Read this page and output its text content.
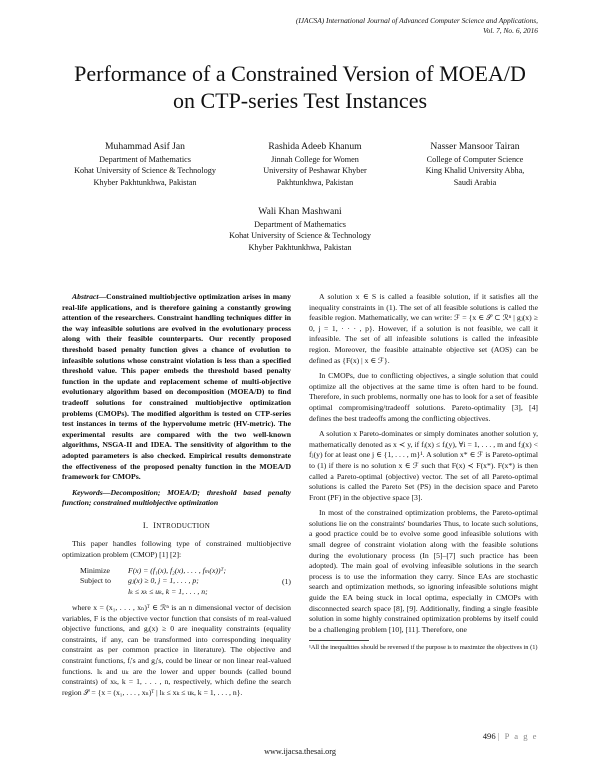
(IJACSA) International Journal of Advanced Computer Science and Applications,
Vol. 7, No. 6, 2016
Performance of a Constrained Version of MOEA/D
on CTP-series Test Instances
Muhammad Asif Jan
Department of Mathematics
Kohat University of Science & Technology
Khyber Pakhtunkhwa, Pakistan
Rashida Adeeb Khanum
Jinnah College for Women
University of Peshawar Khyber
Pakhtunkhwa, Pakistan
Nasser Mansoor Tairan
College of Computer Science
King Khalid University Abha,
Saudi Arabia
Wali Khan Mashwani
Department of Mathematics
Kohat University of Science & Technology
Khyber Pakhtunkhwa, Pakistan

Abstract—Constrained multiobjective optimization arises in many real-life applications, and is therefore gaining a constantly growing attention of the researchers. Constraint handling techniques differ in the way infeasible solutions are evolved in the evolutionary process along with their feasible counterparts. Our recently proposed threshold based penalty function gives a chance of evolution to infeasible solutions whose constraint violation is less than a specified threshold value. This paper embeds the threshold based penalty function in the update and replacement scheme of multi-objective evolutionary algorithm based on decomposition (MOEA/D) to find tradeoff solutions for constrained multiobjective optimization problems (CMOPs). The modified algorithm is tested on CTP-series test instances in terms of the hypervolume metric (HV-metric). The experimental results are compared with the two well-known algorithms, NSGA-II and IDEA. The sensitivity of algorithm to the adopted parameters is also checked. Empirical results demonstrate the effectiveness of the proposed penalty function in the MOEA/D framework for CMOPs.

Keywords—Decomposition; MOEA/D; threshold based penalty function; constrained multiobjective optimization

I. INTRODUCTION

This paper handles following type of constrained multiobjective optimization problem (CMOP) [1] [2]:

Minimize	F(x) = (f₁(x), f₂(x), . . . , fₘ(x))ᵀ;
Subject to	gⱼ(x) ≥ 0, j = 1, . . . , p;
lₖ ≤ xₖ ≤ uₖ, k = 1, . . . , n;
(1)

where x = (x₁, . . . , xₙ)ᵀ ∈ ℛⁿ is an n dimensional vector of decision variables, F is the objective vector function that consists of m real-valued objective functions, and gᵢ(x) ≥ 0 are inequality constraints (equality constraints, if any, can be transformed into corresponding inequality constraint as per common practice in literature). The objective and constraint functions, fᵢ's and gⱼ's, could be linear or non linear real-valued functions. lₖ and uₖ are the lower and upper bounds (called bound constraints) of xₖ, k = 1, . . . , n, respectively, which define the search region 𝒮 = {x = (x₁, . . . , xₙ)ᵀ | lₖ ≤ xₖ ≤ uₖ, k = 1, . . . , n}.

A solution x ∈ S is called a feasible solution, if it satisfies all the inequality constraints in (1). The set of all feasible solutions is called the feasible region. Mathematically, we can write: ℱ = {x ∈ 𝒮 ⊂ ℛⁿ | gⱼ(x) ≥ 0, j = 1, · · · , p}. However, if a solution is not feasible, we call it infeasible. The set of all infeasible solutions is called the infeasible region. Moreover, the feasible attainable objective set (AOS) can be defined as {F(x) | x ∈ ℱ}.

In CMOPs, due to conflicting objectives, a single solution that could optimize all the objectives at the same time is often hard to be found. Therefore, in such problems, normally one has to look for a set of feasible optimal compromising/tradeoff solutions. Pareto-optimality [3], [4] defines the best tradeoffs among the conflicting objectives.

A solution x Pareto-dominates or simply dominates another solution y, mathematically denoted as x ≺ y, if fᵢ(x) ≤ fᵢ(y), ∀i = 1, . . . , m and fⱼ(x) < fⱼ(y) for at least one j ∈ {1, . . . , m}¹. A solution x* ∈ ℱ is Pareto-optimal to (1) if there is no solution x ∈ ℱ such that F(x) ≺ F(x*). F(x*) is then called a Pareto-optimal (objective) vector. The set of all Pareto-optimal solutions is called the Pareto Set (PS) in the decision space and Pareto Front (PF) in the objective space [3].

In most of the constrained optimization problems, the Pareto-optimal solutions lie on the constraints' boundaries Thus, to locate such solutions, a good practice could be to evolve some good infeasible solutions with small degree of constraint violation along with the feasible solutions during the evolutionary process (In [5]–[7] such practice has been adopted). The main goal of evolving infeasible solutions in the search process is to use the information they carry. Since EAs are stochastic search and optimization methods, so ignoring infeasible solutions might guide the EA being stuck in local optima, especially in CMOPs with disconnected search space [8], [9]. Additionally, finding a single feasible solution in some highly constrained optimization problems by itself could be a challenging problem [10], [11]. Therefore, one

¹All the inequalities should be reversed if the purpose is to maximize the objectives in (1)
496 | P a g e
www.ijacsa.thesai.org
